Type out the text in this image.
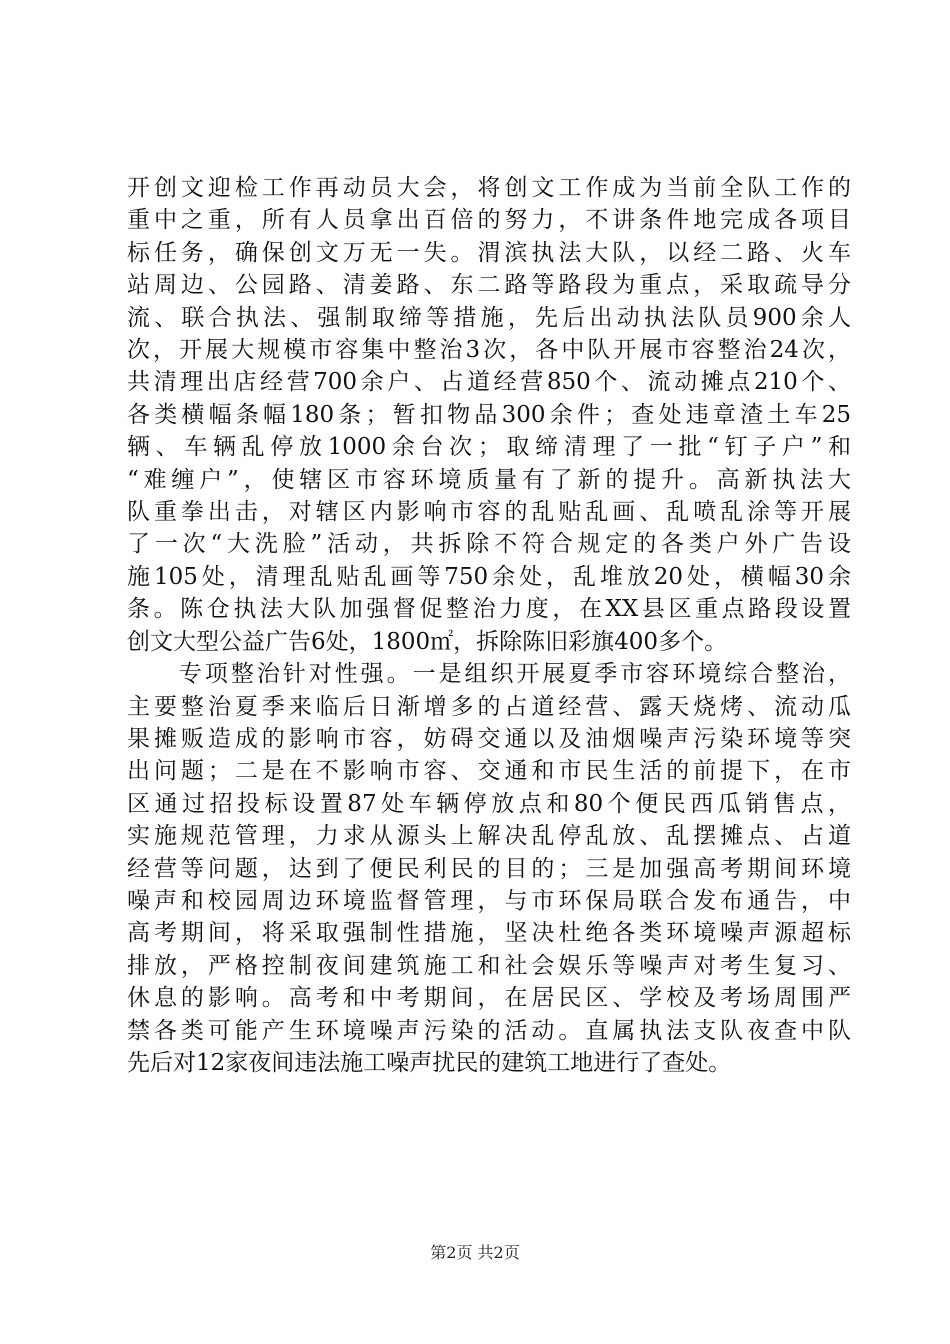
开创文迎检工作再动员大会，将创文工作成为当前全队工作的
重中之重，所有人员拿出百倍的努力，不讲条件地完成各项目
标任务，确保创文万无一失。渭滨执法大队，以经二路、火车
站周边、公园路、清姜路、东二路等路段为重点，采取疏导分
流、联合执法、强制取缔等措施，先后出动执法队员900余人
次，开展大规模市容集中整治3次，各中队开展市容整治24次，
共清理出店经营700余户、占道经营850个、流动摊点210个、
各类横幅条幅180条；暂扣物品300余件；查处违章渣土车25
辆、车辆乱停放1000余台次；取缔清理了一批“钉子户”和
“难缠户”，使辖区市容环境质量有了新的提升。高新执法大
队重拳出击，对辖区内影响市容的乱贴乱画、乱喷乱涂等开展
了一次“大洗脸”活动，共拆除不符合规定的各类户外广告设
施105处，清理乱贴乱画等750余处，乱堆放20处，横幅30余
条。陈仓执法大队加强督促整治力度，在XX县区重点路段设置
创文大型公益广告6处，1800㎡，拆除陈旧彩旗400多个。
　　专项整治针对性强。一是组织开展夏季市容环境综合整治，
主要整治夏季来临后日渐增多的占道经营、露天烧烤、流动瓜
果摊贩造成的影响市容，妨碍交通以及油烟噪声污染环境等突
出问题；二是在不影响市容、交通和市民生活的前提下，在市
区通过招投标设置87处车辆停放点和80个便民西瓜销售点，
实施规范管理，力求从源头上解决乱停乱放、乱摆摊点、占道
经营等问题，达到了便民利民的目的；三是加强高考期间环境
噪声和校园周边环境监督管理，与市环保局联合发布通告，中
高考期间，将采取强制性措施，坚决杜绝各类环境噪声源超标
排放，严格控制夜间建筑施工和社会娱乐等噪声对考生复习、
休息的影响。高考和中考期间，在居民区、学校及考场周围严
禁各类可能产生环境噪声污染的活动。直属执法支队夜查中队
先后对12家夜间违法施工噪声扰民的建筑工地进行了查处。
第2页 共2页
